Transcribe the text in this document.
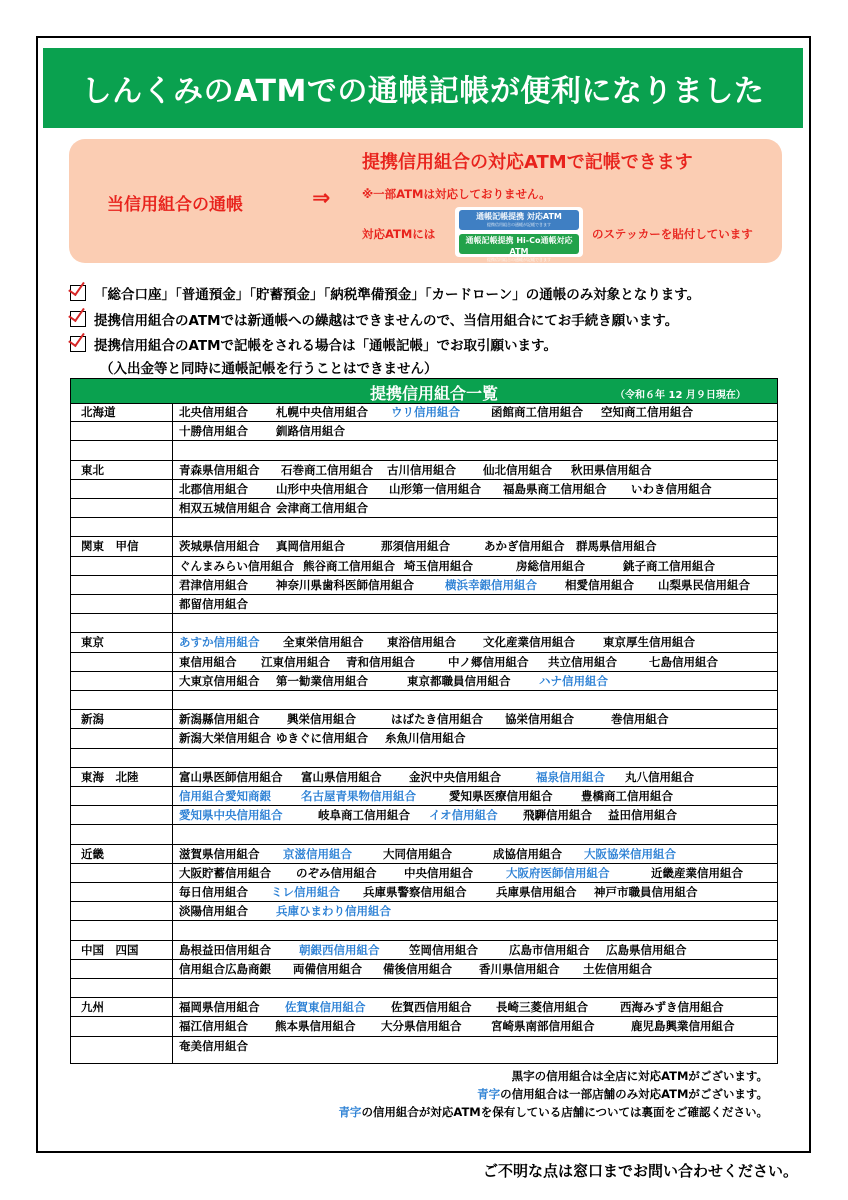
しんくみのATMでの通帳記帳が便利になりました
当信用組合の通帳	⇒
提携信用組合の対応ATMで記帳できます
※一部ATMは対応しておりません。
対応ATMには
通帳記帳提携 対応ATM
提携信用組合の通帳が記帳できます
通帳記帳提携 Hi-Co通帳対応ATM
提携信用組合の通帳が記帳できます
のステッカーを貼付しています
「総合口座」「普通預金」「貯蓄預金」「納税準備預金」「カードローン」の通帳のみ対象となります。
提携信用組合のATMでは新通帳への繰越はできませんので、当信用組合にてお手続き願います。
提携信用組合のATMで記帳をされる場合は「通帳記帳」でお取引願います。
（入出金等と同時に通帳記帳を行うことはできません）
提携信用組合一覧	（令和６年 12 月９日現在）
北海道	北央信用組合 札幌中央信用組合 ウリ信用組合	函館商工信用組合 空知商工信用組合
十勝信用組合 釧路信用組合
東北	青森県信用組合 石巻商工信用組合 古川信用組合 仙北信用組合 秋田県信用組合
北郡信用組合 山形中央信用組合 山形第一信用組合 福島県商工信用組合 いわき信用組合
相双五城信用組合 会津商工信用組合
関東　甲信	茨城県信用組合 真岡信用組合	那須信用組合	あかぎ信用組合 群馬県信用組合
ぐんまみらい信用組合 熊谷商工信用組合 埼玉信用組合	房総信用組合	銚子商工信用組合
君津信用組合 神奈川県歯科医師信用組合	横浜幸銀信用組合 相愛信用組合 山梨県民信用組合
都留信用組合
東京	あすか信用組合 全東栄信用組合 東浴信用組合 文化産業信用組合 東京厚生信用組合
東信用組合 江東信用組合 青和信用組合	中ノ郷信用組合 共立信用組合	七島信用組合
大東京信用組合 第一勧業信用組合	東京都職員信用組合 ハナ信用組合
新潟	新潟縣信用組合 興栄信用組合	はばたき信用組合 協栄信用組合	巻信用組合
新潟大栄信用組合 ゆきぐに信用組合 糸魚川信用組合
東海　北陸	富山県医師信用組合 富山県信用組合 金沢中央信用組合	福泉信用組合 丸八信用組合
信用組合愛知商銀	名古屋青果物信用組合	愛知県医療信用組合 豊橋商工信用組合
愛知県中央信用組合	岐阜商工信用組合 イオ信用組合 飛騨信用組合 益田信用組合
近畿	滋賀県信用組合 京滋信用組合	大同信用組合	成協信用組合 大阪協栄信用組合
大阪貯蓄信用組合 のぞみ信用組合 中央信用組合	大阪府医師信用組合	近畿産業信用組合
毎日信用組合 ミレ信用組合 兵庫県警察信用組合	兵庫県信用組合 神戸市職員信用組合
淡陽信用組合 兵庫ひまわり信用組合
中国　四国	島根益田信用組合 朝銀西信用組合	笠岡信用組合	広島市信用組合 広島県信用組合
信用組合広島商銀 両備信用組合 備後信用組合 香川県信用組合 土佐信用組合
九州	福岡県信用組合 佐賀東信用組合 佐賀西信用組合 長崎三菱信用組合	西海みずき信用組合
福江信用組合 熊本県信用組合 大分県信用組合	宮崎県南部信用組合	鹿児島興業信用組合
奄美信用組合
黒字の信用組合は全店に対応ATMがございます。
青字の信用組合は一部店舗のみ対応ATMがございます。
青字の信用組合が対応ATMを保有している店舗については裏面をご確認ください。
ご不明な点は窓口までお問い合わせください。
